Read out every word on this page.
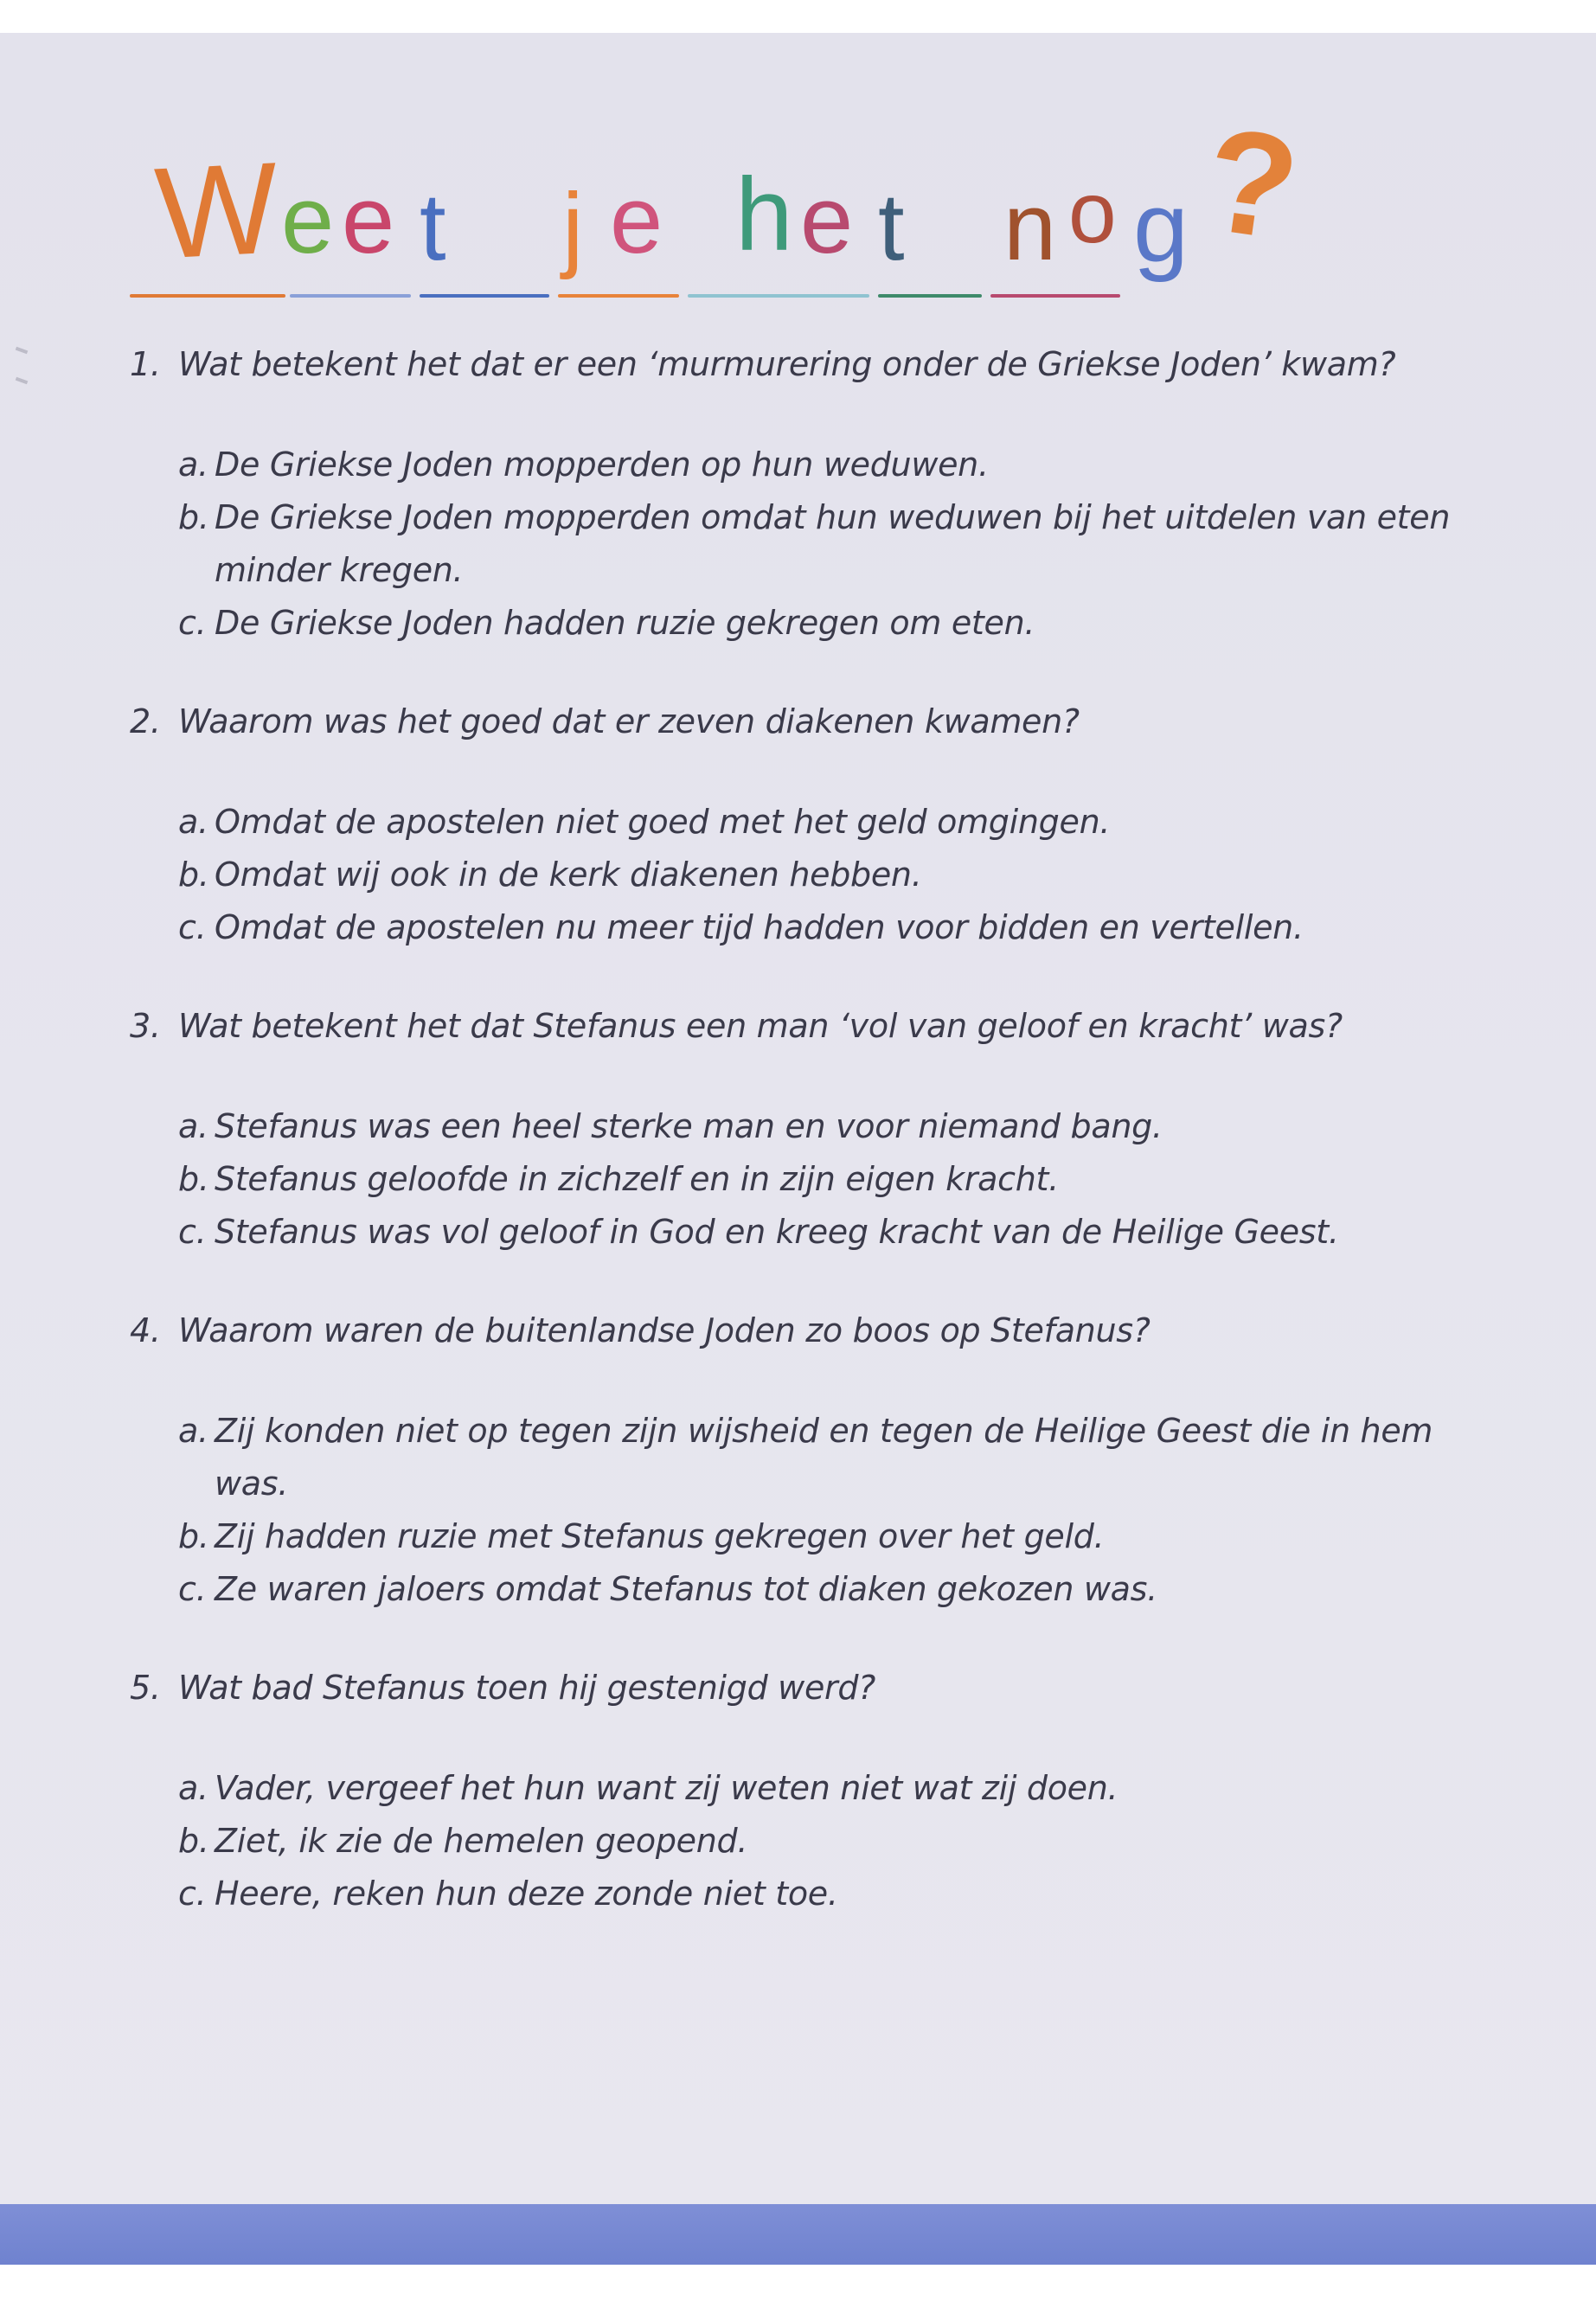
W e e t j e h e t n o g ?
1. Wat betekent het dat er een ‘murmurering onder de Griekse Joden’ kwam?
a. De Griekse Joden mopperden op hun weduwen.
b. De Griekse Joden mopperden omdat hun weduwen bij het uitdelen van eten minder kregen.
c. De Griekse Joden hadden ruzie gekregen om eten.
2. Waarom was het goed dat er zeven diakenen kwamen?
a. Omdat de apostelen niet goed met het geld omgingen.
b. Omdat wij ook in de kerk diakenen hebben.
c. Omdat de apostelen nu meer tijd hadden voor bidden en vertellen.
3. Wat betekent het dat Stefanus een man ‘vol van geloof en kracht’ was?
a. Stefanus was een heel sterke man en voor niemand bang.
b. Stefanus geloofde in zichzelf en in zijn eigen kracht.
c. Stefanus was vol geloof in God en kreeg kracht van de Heilige Geest.
4. Waarom waren de buitenlandse Joden zo boos op Stefanus?
a. Zij konden niet op tegen zijn wijsheid en tegen de Heilige Geest die in hem was.
b. Zij hadden ruzie met Stefanus gekregen over het geld.
c. Ze waren jaloers omdat Stefanus tot diaken gekozen was.
5. Wat bad Stefanus toen hij gestenigd werd?
a. Vader, vergeef het hun want zij weten niet wat zij doen.
b. Ziet, ik zie de hemelen geopend.
c. Heere, reken hun deze zonde niet toe.
